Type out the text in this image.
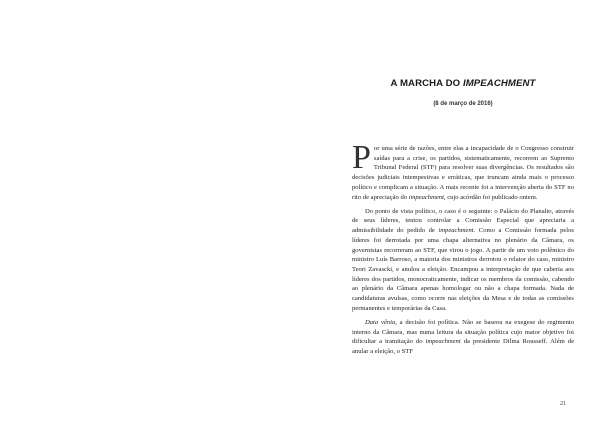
A MARCHA DO IMPEACHMENT
(8 de março de 2016)

Por uma série de razões, entre elas a incapacidade de o Congresso construir saídas para a crise, os partidos, sistematicamente, recorrem ao Supremo Tribunal Federal (STF) para resolver suas divergências. Os resultados são decisões judiciais intempestivas e erráticas, que truncam ainda mais o processo político e complicam a situação. A mais recente foi a intervenção aberta do STF no rito de apreciação do impeachment, cujo acórdão foi publicado ontem.

Do ponto de vista político, o caso é o seguinte: o Palácio do Planalto, através de seus líderes, tentou controlar a Comissão Especial que apreciaria a admissibilidade do pedido de impeachment. Como a Comissão formada pelos líderes foi derrotada por uma chapa alternativa no plenário da Câmara, os governistas recorreram ao STF, que virou o jogo. A partir de um voto polêmico do ministro Luís Barroso, a maioria dos ministros derrotou o relator do caso, ministro Teori Zavascki, e anulou a eleição. Encampou a interpretação de que caberia aos líderes dos partidos, monocraticamente, indicar os membros da comissão, cabendo ao plenário da Câmara apenas homologar ou não a chapa formada. Nada de candidaturas avulsas, como ocorre nas eleições da Mesa e de todas as comissões permanentes e temporárias da Casa.

Data vênia, a decisão foi política. Não se baseou na exegese do regimento interno da Câmara, mas numa leitura da situação política cujo maior objetivo foi dificultar a tramitação do impeachment da presidente Dilma Rousseff. Além de anular a eleição, o STF

21
